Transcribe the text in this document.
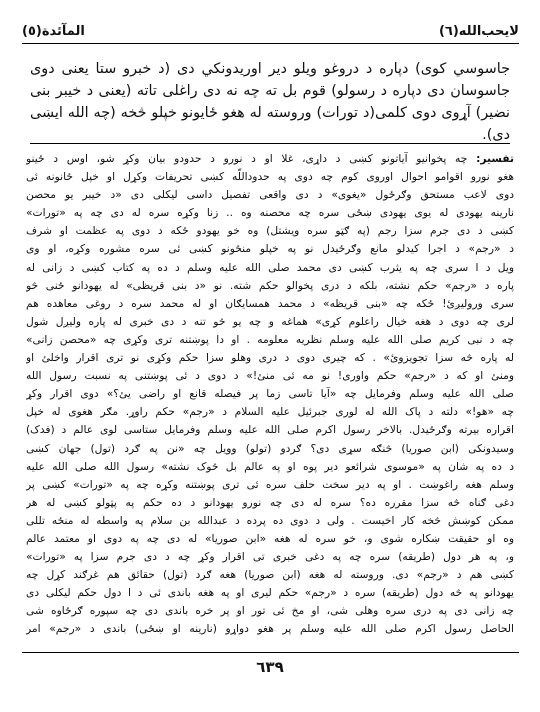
المآئدة(٥)	لايحب‌الله(٦)
جاسوسي کوی) دپاره د دروغو ویلو دیر اوریدونکي دی (د خبرو ستا یعنی دوی جاسوسان دی دپاره د رسولو) قوم بل ته چه نه دی راغلی تاته (یعنی د خیبر بنی نضیر) آړوی دوی کلمی(د تورات) وروسته له هغو ځایونو خپلو څخه (چه الله ایښی دی).
تفسیر: چه پخوانیو آیاتونو کښی د داړی، غلا او د نورو د حدودو بیان وکړ شو، اوس د ځینو
هغو نورو اقوامو احوال اوروی کوم چه دوی په حدوداللّه کښی تحریفات وکړل او خپل ځانونه ئی
دوی لاعب مستحق وګرځول «یغوی» د دی واقعی تفصیل داسی لیکلی دی «د خیبر یو محصن
نارینه یهودی له یوی یهودی ښځی سره چه محصنه وه .. زنا وکړه سره له دی چه په «تورات»
کښی د دی جرم سزا رجم (په ګټو سره ویشتل) وه خو یهودو ځکه د دوی په عظمت او شرف
د «رجم» د اجرا کیدلو مانع وګرځیدل نو په خپلو منځونو کښی ئی سره مشوره وکړه، او وی
ویل د ا سری چه په یثرب کښی دی محمد صلی الله علیه وسلم د ده په کتاب کښی د زانی له
پاره د «رجم» حکم نشته، بلکه د دری پخوالو حکم شته. نو «د بنی قریظی» له یهودانو ځنی څو
سری ورولیږئ! ځکه چه «بنی قریظه» د محمد همسایګان او له محمد سره د روغی معاهده هم
لری چه دوی د هغه خیال راعلوم کړی» هماغه و چه یو څو تنه د دی خبری له پاره ولیږل شول
چه د نبی کریم صلی الله علیه وسلم نظریه معلومه . او دا پوښتنه تری وکړی چه «محصن زانی»
له پاره څه سزا تجویزوئ» . که چیری دوی د دری وهلو سزا حکم وکړی نو تری اقرار واخلئ او
ومنئ او که د «رجم» حکم واوری! نو مه ئی منئ!» د دوی د ئی پوښتنی په نسبت رسول الله
صلی الله علیه وسلم وفرمایل چه «آیا تاسی زما پر فیصله قانع او راضی یئ؟» دوی اقرار وکړ
چه «هو!» دلته د پاک الله له لوری جبرئیل علیه السلام د «رجم» حکم راوړ. مګر هغوی له خپل
اقراره بیرته وګرځیدل. بالاخر رسول اکرم صلی الله علیه وسلم وفرمایل ستاسی لوی عالم د (فدک)
وسیدونکی (ابن صوریا) څنګه سړی دی؟ ګردو (تولو) وویل چه «نن په ګرد (تول) جهان کښی
د ده په شان په «موسوی شرائعو دیر پوه او په عالم بل څوک نشته» رسول الله صلی الله علیه
وسلم هغه راغوښت . او په دیر سخت حلف سره ئی تری پوښتنه وکړه چه په «تورات» کښی پر
دغی ګناه څه سزا مقرره ده؟ سره له دی چه نورو یهودانو د ده حکم په پټولو کښی له هر
ممکن کوښش څخه کار اخیست . ولی د دوی ده پرده د عبدالله بن سلام په واسطه له منځه تللی
وه او حقیقت ښکاره شوی و، خو سره له هغه «ابن صوریا» له دی چه په دوی او معتمد عالم
و، په هر دول (طریقه) سره چه په دغی خبری تی اقرار وکړ چه د دی جرم سزا په «تورات»
کښی هم د «رجم» دی. وروسته له هغه (ابن صوریا) هغه ګرد (تول) حقائق هم غرګند کړل چه
یهودانو په څه دول (طریقه) سره د «رجم» حکم لیری او په هغه باندی ئی د ا دول حکم لیکلی دی
چه زانی دی په دری سره وهلی شی، او مخ ئی تور او پر خره باندی دی چه سپوره ګرځاوه شی
الحاصل رسول اکرم صلی الله علیه وسلم پر هغو دواړو (نارینه او ښځی) باندی د «رجم» امر
٦٣٩
